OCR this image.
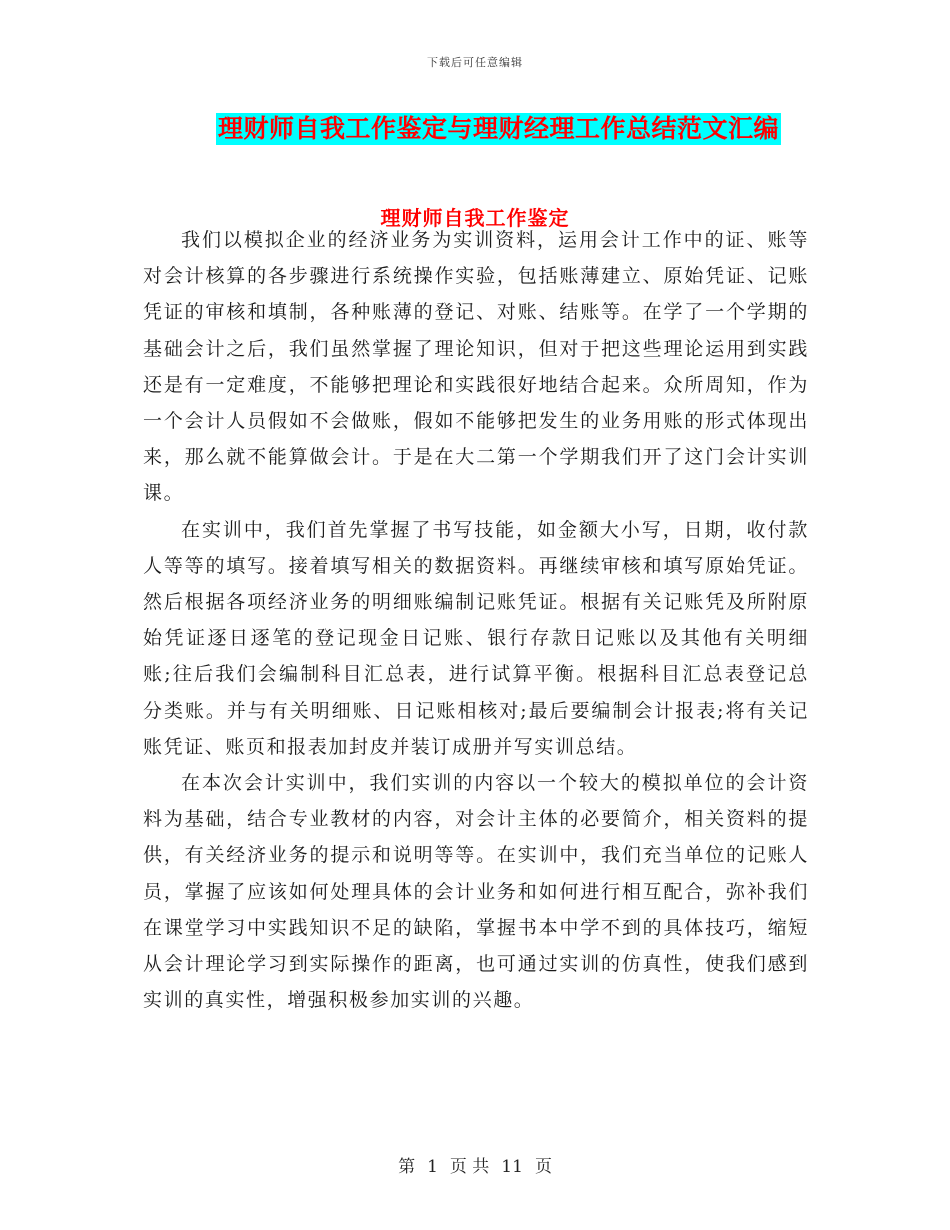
下载后可任意编辑
理财师自我工作鉴定与理财经理工作总结范文汇编
理财师自我工作鉴定

我们以模拟企业的经济业务为实训资料，运用会计工作中的证、账等对会计核算的各步骤进行系统操作实验，包括账薄建立、原始凭证、记账凭证的审核和填制，各种账薄的登记、对账、结账等。在学了一个学期的基础会计之后，我们虽然掌握了理论知识，但对于把这些理论运用到实践还是有一定难度，不能够把理论和实践很好地结合起来。众所周知，作为一个会计人员假如不会做账，假如不能够把发生的业务用账的形式体现出来，那么就不能算做会计。于是在大二第一个学期我们开了这门会计实训课。

在实训中，我们首先掌握了书写技能，如金额大小写，日期，收付款人等等的填写。接着填写相关的数据资料。再继续审核和填写原始凭证。然后根据各项经济业务的明细账编制记账凭证。根据有关记账凭及所附原始凭证逐日逐笔的登记现金日记账、银行存款日记账以及其他有关明细账;往后我们会编制科目汇总表，进行试算平衡。根据科目汇总表登记总分类账。并与有关明细账、日记账相核对;最后要编制会计报表;将有关记账凭证、账页和报表加封皮并装订成册并写实训总结。

在本次会计实训中，我们实训的内容以一个较大的模拟单位的会计资料为基础，结合专业教材的内容，对会计主体的必要简介，相关资料的提供，有关经济业务的提示和说明等等。在实训中，我们充当单位的记账人员，掌握了应该如何处理具体的会计业务和如何进行相互配合，弥补我们在课堂学习中实践知识不足的缺陷，掌握书本中学不到的具体技巧，缩短从会计理论学习到实际操作的距离，也可通过实训的仿真性，使我们感到实训的真实性，增强积极参加实训的兴趣。

第 1 页 共 11 页
